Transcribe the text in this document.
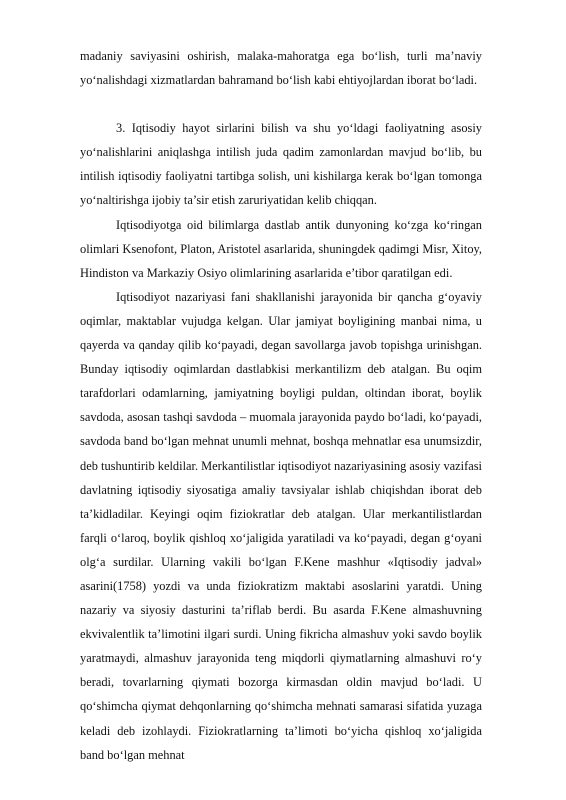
madaniy saviyasini oshirish, malaka-mahoratga ega bo‘lish, turli ma’naviy yo‘nalishdagi xizmatlardan bahramand bo‘lish kabi ehtiyojlardan iborat bo‘ladi.

3. Iqtisodiy hayot sirlarini bilish va shu yo‘ldagi faoliyatning asosiy yo‘nalishlarini aniqlashga intilish juda qadim zamonlardan mavjud bo‘lib, bu intilish iqtisodiy faoliyatni tartibga solish, uni kishilarga kerak bo‘lgan tomonga yo‘naltirishga ijobiy ta’sir etish zaruriyatidan kelib chiqqan.

Iqtisodiyotga oid bilimlarga dastlab antik dunyoning ko‘zga ko‘ringan olimlari Ksenofont, Platon, Aristotel asarlarida, shuningdek qadimgi Misr, Xitoy, Hindiston va Markaziy Osiyo olimlarining asarlarida e’tibor qaratilgan edi.

Iqtisodiyot nazariyasi fani shakllanishi jarayonida bir qancha g‘oyaviy oqimlar, maktablar vujudga kelgan. Ular jamiyat boyligining manbai nima, u qayerda va qanday qilib ko‘payadi, degan savollarga javob topishga urinishgan. Bunday iqtisodiy oqimlardan dastlabkisi merkantilizm deb atalgan. Bu oqim tarafdorlari odamlarning, jamiyatning boyligi puldan, oltindan iborat, boylik savdoda, asosan tashqi savdoda – muomala jarayonida paydo bo‘ladi, ko‘payadi, savdoda band bo‘lgan mehnat unumli mehnat, boshqa mehnatlar esa unumsizdir, deb tushuntirib keldilar. Merkantilistlar iqtisodiyot nazariyasining asosiy vazifasi davlatning iqtisodiy siyosatiga amaliy tavsiyalar ishlab chiqishdan iborat deb ta’kidladilar. Keyingi oqim fiziokratlar deb atalgan. Ular merkantilistlardan farqli o‘laroq, boylik qishloq xo‘jaligida yaratiladi va ko‘payadi, degan g‘oyani olg‘a surdilar. Ularning vakili bo‘lgan F.Kene mashhur «Iqtisodiy jadval» asarini(1758) yozdi va unda fiziokratizm maktabi asoslarini yaratdi. Uning nazariy va siyosiy dasturini ta’riflab berdi. Bu asarda F.Kene almashuvning ekvivalentlik ta’limotini ilgari surdi. Uning fikricha almashuv yoki savdo boylik yaratmaydi, almashuv jarayonida teng miqdorli qiymatlarning almashuvi ro‘y beradi, tovarlarning qiymati bozorga kirmasdan oldin mavjud bo‘ladi. U qo‘shimcha qiymat dehqonlarning qo‘shimcha mehnati samarasi sifatida yuzaga keladi deb izohlaydi. Fiziokratlarning ta’limoti bo‘yicha qishloq xo‘jaligida band bo‘lgan mehnat
